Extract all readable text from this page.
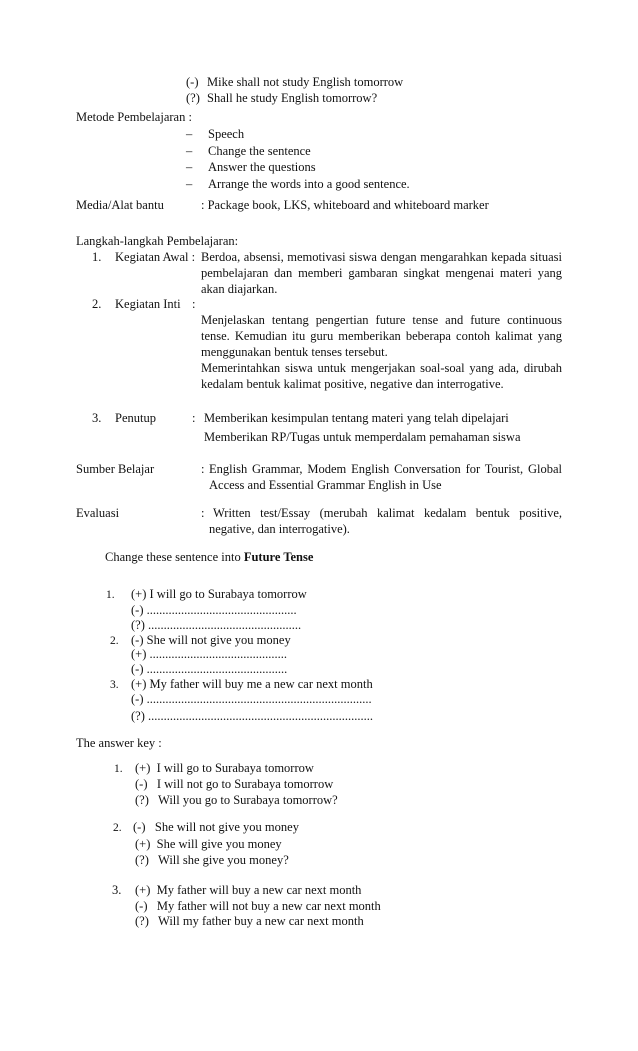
(-) Mike shall not study English tomorrow
(?) Shall he study English tomorrow?
Metode Pembelajaran :
– Speech
– Change the sentence
– Answer the questions
– Arrange the words into a good sentence.
Media/Alat bantu	: Package book, LKS, whiteboard and whiteboard marker
Langkah-langkah Pembelajaran:
1. Kegiatan Awal : Berdoa, absensi, memotivasi siswa dengan mengarahkan kepada situasi
pembelajaran dan memberi gambaran singkat mengenai materi yang
akan diajarkan.
2. Kegiatan Inti :
Menjelaskan tentang pengertian future tense and future continuous
tense. Kemudian itu guru memberikan beberapa contoh kalimat yang
menggunakan bentuk tenses tersebut.
Memerintahkan siswa untuk mengerjakan soal-soal yang ada, dirubah
kedalam bentuk kalimat positive, negative dan interrogative.
3. Penutup	: Memberikan kesimpulan tentang materi yang telah dipelajari
Memberikan RP/Tugas untuk memperdalam pemahaman siswa
Sumber Belajar	: English Grammar, Modem English Conversation for Tourist, Global
Access and Essential Grammar English in Use
Evaluasi	: Written test/Essay (merubah kalimat kedalam bentuk positive,
negative, dan interrogative).
Change these sentence into Future Tense
1. (+) I will go to Surabaya tomorrow
(-) ................................................
(?) .................................................
2. (-) She will not give you money
(+) ............................................
(-) .............................................
3. (+) My father will buy me a new car next month
(-) ........................................................................
(?) ........................................................................
The answer key :
1. (+)  I will go to Surabaya tomorrow
(-)   I will not go to Surabaya tomorrow
(?)   Will you go to Surabaya tomorrow?
2. (-)   She will not give you money
(+)  She will give you money
(?)   Will she give you money?
3. (+)  My father will buy a new car next month
(-)   My father will not buy a new car next month
(?)   Will my father buy a new car next month
